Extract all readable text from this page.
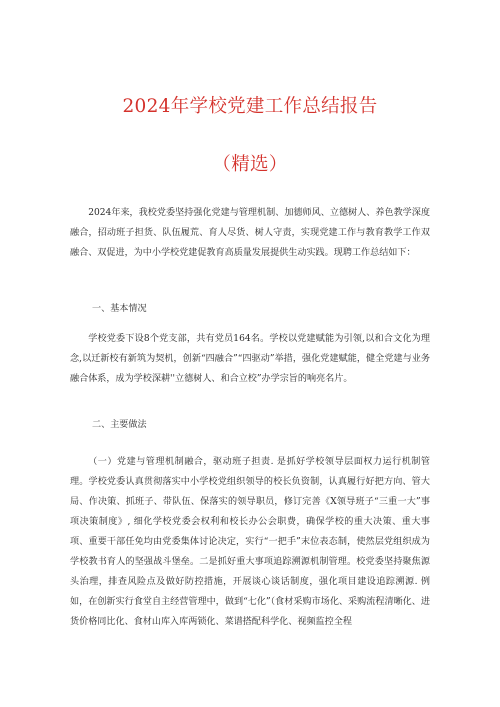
2024年学校党建工作总结报告
（精选）

2024年来，我校党委坚持强化党建与管理机制、加德师风、立德树人、养色教学深度融合，招动班子担货、队伍履荒、育人尽货、树人守责，实现党建工作与教育教学工作双融合、双促进，为中小学校党建促教育高质量发展提供生动实践。现聘工作总结如下：

一、基本情况

学校党委下设8个党支部，共有党员164名。学校以党建赋能为引领,以和合文化为理念,以迁新校有新筑为契机，创新“四融合”“四驱动”举措，强化党建赋能，健全党建与业务融合体系，成为学校深耕''立德树人、和合立校”办学宗旨的响亮名片。

二、主要做法

（一）党建与管理机制融合，驱动班子担责. 是抓好学校领导层面权力运行机制管理。学校党委认真贯彻落实中小学校党组织领导的校长负资制，认真履行好把方向、管大局、作决策、抓班子、带队伍、保落实的领导职员，修订完善《X领导班子“三重一大”事项决策制度》, 细化学校党委会权利和校长办公会职费，确保学校的重大决策、重大事项、重要干部任免均由党委集体讨论决定，实行“一把手”末位表态制，使然层党组织成为学校教书育人的坚强战斗堡垒。二是抓好重大事项追踪溯源机制管理。校党委坚持聚焦源头治理，排查风险点及做好防控措施，开展谈心谈话制度，强化项目建设追踪溯源. 例如，在创新实行食堂自主经营管理中，做到“七化”（食材采购市场化、采购流程清晰化、进货价格同比化、食材山库入库两锁化、菜谱搭配科学化、视频监控全程
